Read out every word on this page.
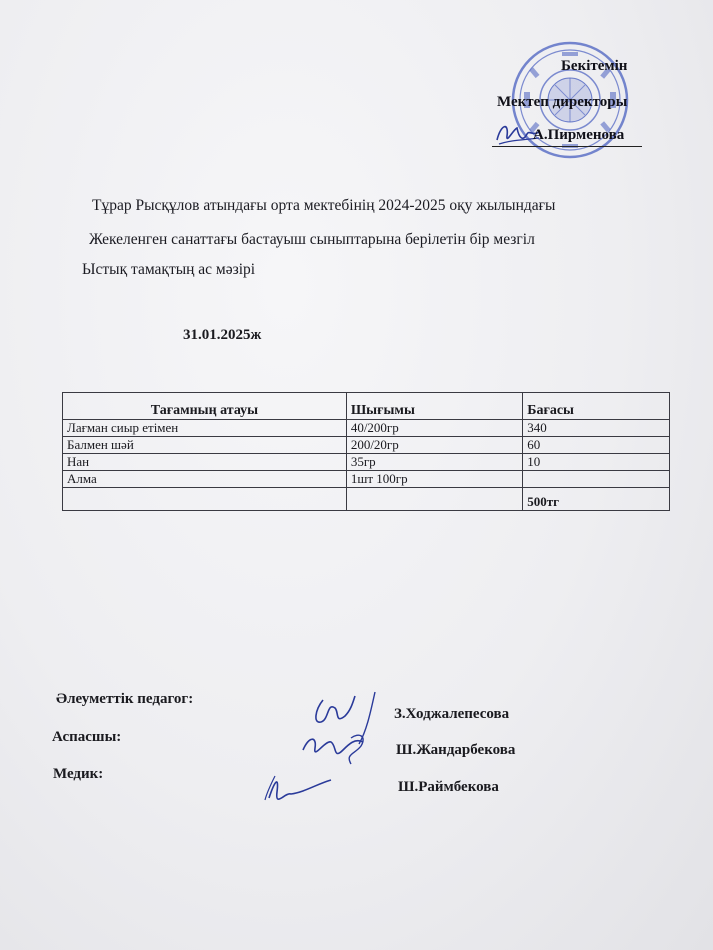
Бекітемін
Мектеп директоры
А.Пирменова
Тұрар Рысқұлов атындағы орта мектебінің 2024-2025 оқу жылындағы
Жекеленген санаттағы бастауыш сыныптарына берілетін бір мезгіл
Ыстық тамақтың ас мәзірі
31.01.2025ж
Тағамның атауы	Шығымы	Бағасы
Лағман сиыр етімен	40/200гр	340
Балмен шәй	200/20гр	60
Нан	35гр	10
Алма	1шт 100гр	
		500тг
Әлеуметтік педагог:
Аспаcшы:
Медик:
З.Ходжалепесова
Ш.Жандарбекова
Ш.Раймбекова
